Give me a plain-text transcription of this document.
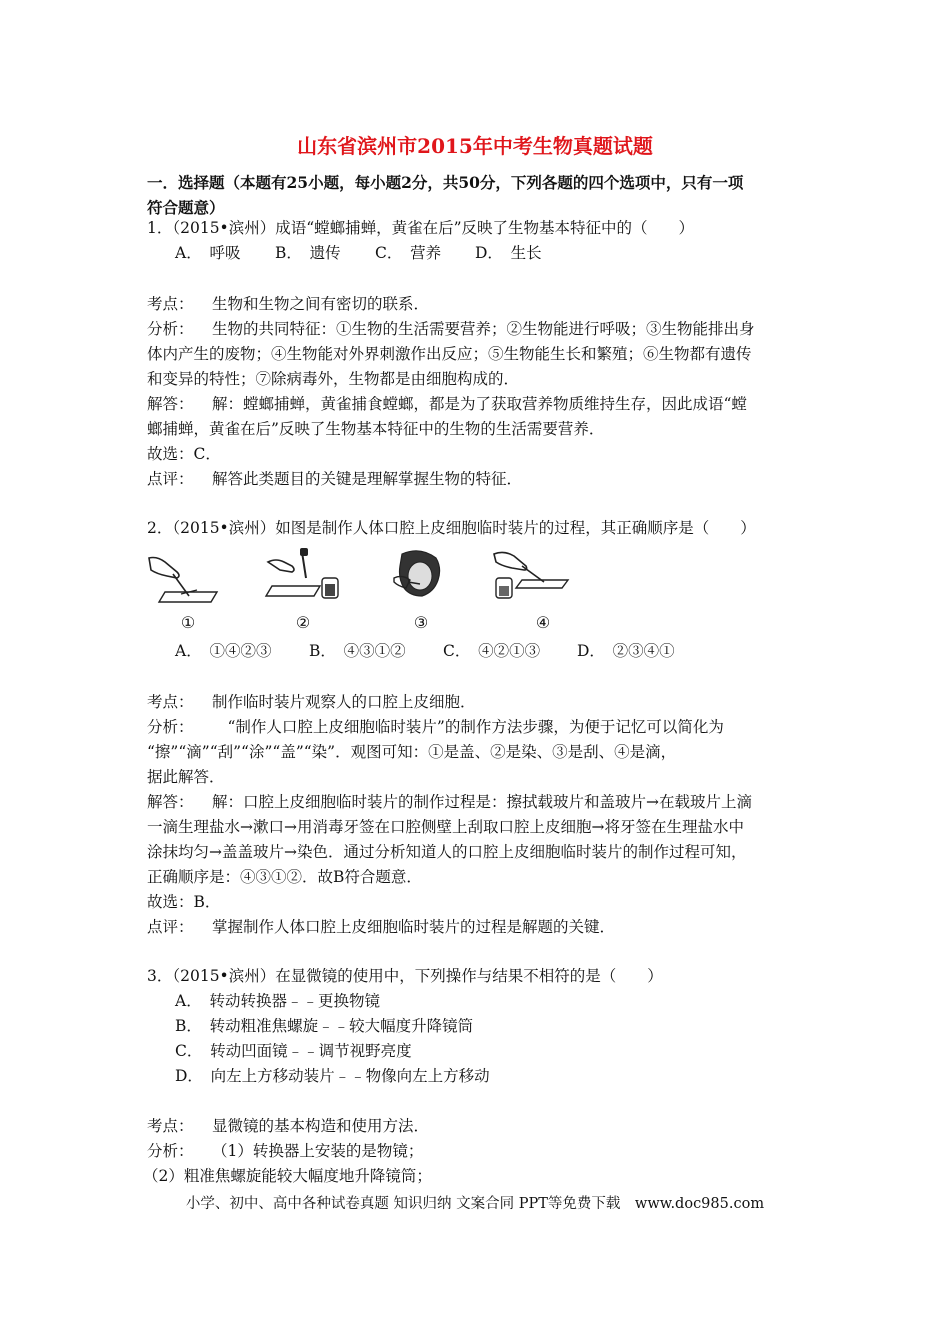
山东省滨州市2015年中考生物真题试题
一．选择题（本题有25小题，每小题2分，共50分，下列各题的四个选项中，只有一项
符合题意）
1．（2015•滨州）成语“螳螂捕蝉，黄雀在后”反映了生物基本特征中的（　　）
A．　呼吸 B．　遗传 C．　营养 D．　生长
考点： 生物和生物之间有密切的联系．
分析： 生物的共同特征：①生物的生活需要营养；②生物能进行呼吸；③生物能排出身
体内产生的废物；④生物能对外界刺激作出反应；⑤生物能生长和繁殖；⑥生物都有遗传
和变异的特性；⑦除病毒外，生物都是由细胞构成的．
解答： 解：螳螂捕蝉，黄雀捕食螳螂，都是为了获取营养物质维持生存，因此成语“螳
螂捕蝉，黄雀在后”反映了生物基本特征中的生物的生活需要营养．
故选：C．
点评： 解答此类题目的关键是理解掌握生物的特征．
2．（2015•滨州）如图是制作人体口腔上皮细胞临时装片的过程，其正确顺序是（　　）
①	②	③	④
A．　①④②③ B．　④③①② C．　④②①③ D．　②③④①
考点： 制作临时装片观察人的口腔上皮细胞．
分析：　“制作人口腔上皮细胞临时装片”的制作方法步骤，为便于记忆可以简化为
“擦”“滴”“刮”“涂”“盖”“染”．观图可知：①是盖、②是染、③是刮、④是滴，
据此解答．
解答： 解：口腔上皮细胞临时装片的制作过程是：擦拭载玻片和盖玻片→在载玻片上滴
一滴生理盐水→漱口→用消毒牙签在口腔侧壁上刮取口腔上皮细胞→将牙签在生理盐水中
涂抹均匀→盖盖玻片→染色．通过分析知道人的口腔上皮细胞临时装片的制作过程可知，
正确顺序是：④③①②．故B符合题意．
故选：B．
点评： 掌握制作人体口腔上皮细胞临时装片的过程是解题的关键．
3．（2015•滨州）在显微镜的使用中，下列操作与结果不相符的是（　　）
A．　转动转换器﹣﹣更换物镜
B．　转动粗准焦螺旋﹣﹣较大幅度升降镜筒
C．　转动凹面镜﹣﹣调节视野亮度
D．　向左上方移动装片﹣﹣物像向左上方移动
考点： 显微镜的基本构造和使用方法．
分析： （1）转换器上安装的是物镜；
（2）粗准焦螺旋能较大幅度地升降镜筒；
小学、初中、高中各种试卷真题 知识归纳 文案合同 PPT等免费下载　www.doc985.com
